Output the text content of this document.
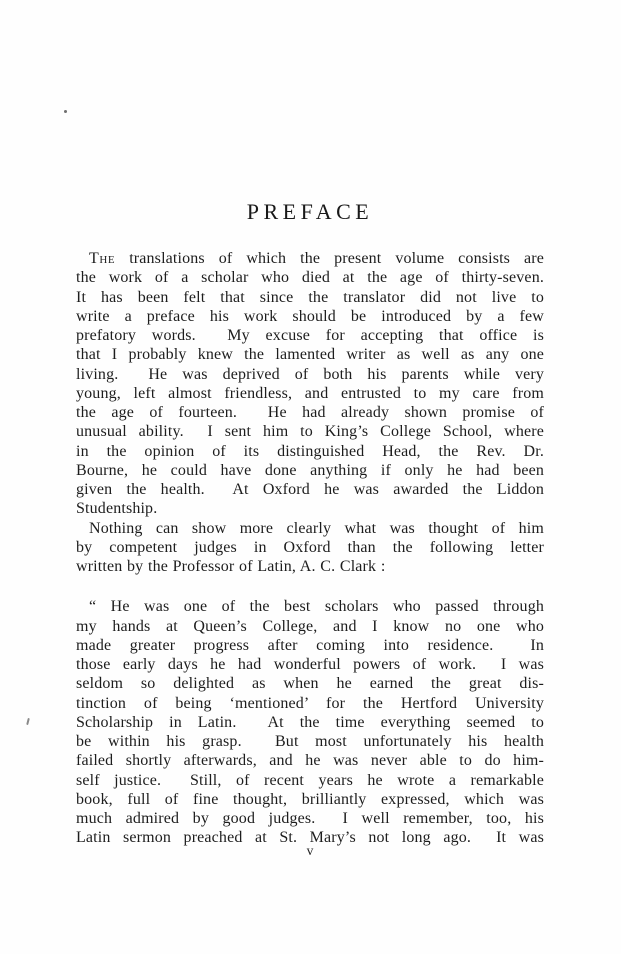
PREFACE
The translations of which the present volume consists are
the work of a scholar who died at the age of thirty-seven.
It has been felt that since the translator did not live to
write a preface his work should be introduced by a few
prefatory words.  My excuse for accepting that office is
that I probably knew the lamented writer as well as any one
living.  He was deprived of both his parents while very
young, left almost friendless, and entrusted to my care from
the age of fourteen.  He had already shown promise of
unusual ability.  I sent him to King’s College School, where
in the opinion of its distinguished Head, the Rev. Dr.
Bourne, he could have done anything if only he had been
given the health.  At Oxford he was awarded the Liddon
Studentship.
Nothing can show more clearly what was thought of him
by competent judges in Oxford than the following letter
written by the Professor of Latin, A. C. Clark :
“ He was one of the best scholars who passed through
my hands at Queen’s College, and I know no one who
made greater progress after coming into residence.  In
those early days he had wonderful powers of work.  I was
seldom so delighted as when he earned the great dis-
tinction of being ‘mentioned’ for the Hertford University
Scholarship in Latin.  At the time everything seemed to
be within his grasp.  But most unfortunately his health
failed shortly afterwards, and he was never able to do him-
self justice.  Still, of recent years he wrote a remarkable
book, full of fine thought, brilliantly expressed, which was
much admired by good judges.  I well remember, too, his
Latin sermon preached at St. Mary’s not long ago.  It was
v
